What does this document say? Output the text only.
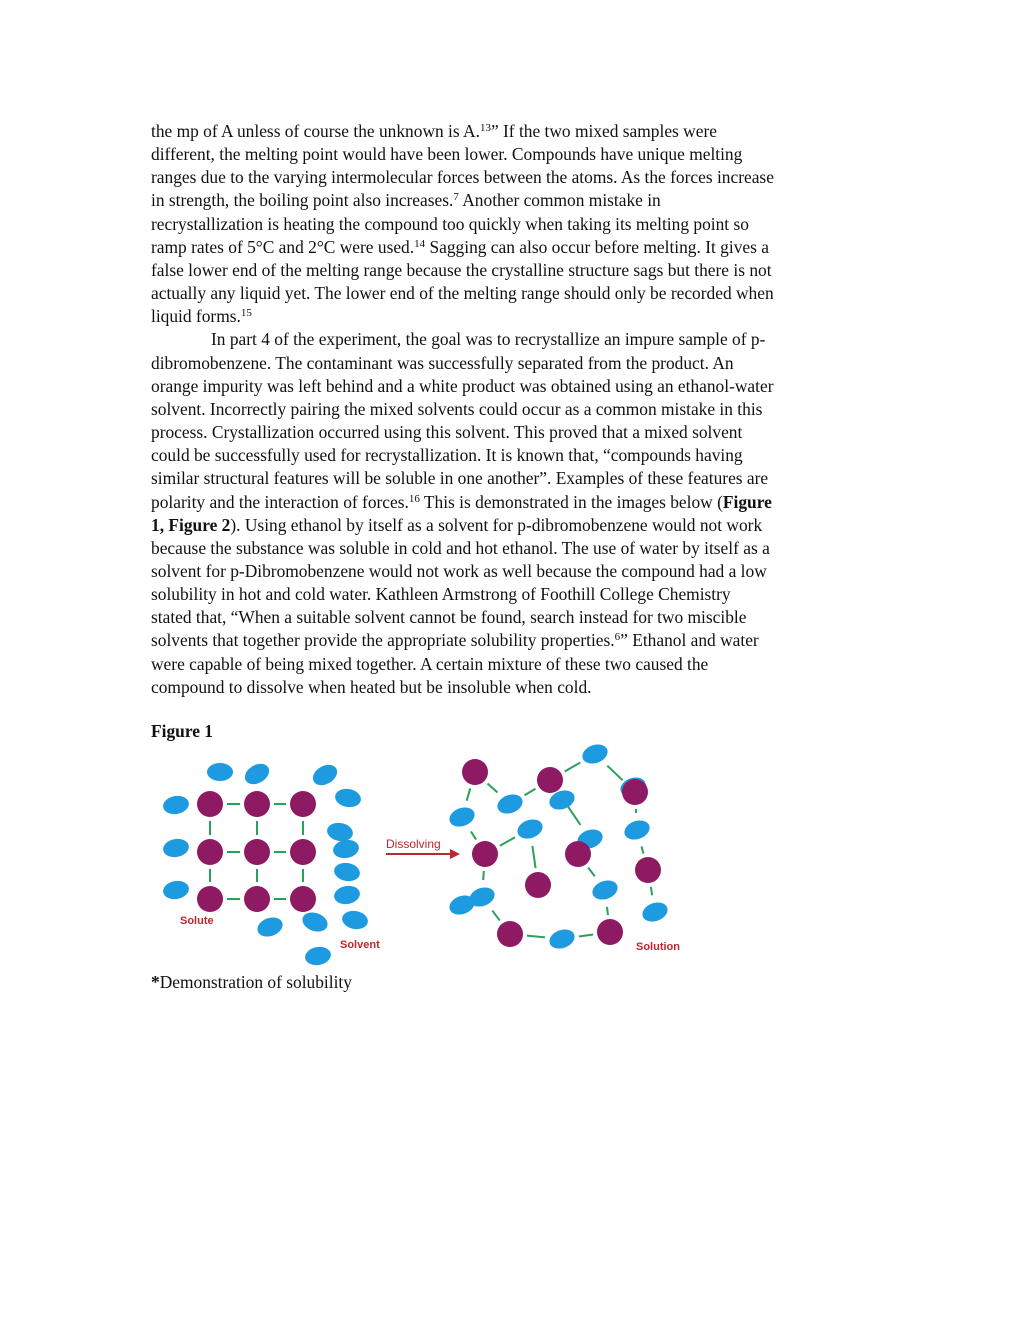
the mp of A unless of course the unknown is A.$^{13}$” If the two mixed samples were
different, the melting point would have been lower. Compounds have unique melting
ranges due to the varying intermolecular forces between the atoms. As the forces increase
in strength, the boiling point also increases.$^7$ Another common mistake in
recrystallization is heating the compound too quickly when taking its melting point so
ramp rates of 5°C and 2°C were used.$^{14}$ Sagging can also occur before melting. It gives a
false lower end of the melting range because the crystalline structure sags but there is not
actually any liquid yet. The lower end of the melting range should only be recorded when
liquid forms.$^{15}$

In part 4 of the experiment, the goal was to recrystallize an impure sample of p-
dibromobenzene. The contaminant was successfully separated from the product. An
orange impurity was left behind and a white product was obtained using an ethanol-water
solvent. Incorrectly pairing the mixed solvents could occur as a common mistake in this
process. Crystallization occurred using this solvent. This proved that a mixed solvent
could be successfully used for recrystallization. It is known that, “compounds having
similar structural features will be soluble in one another”. Examples of these features are
polarity and the interaction of forces.$^{16}$ This is demonstrated in the images below (Figure
1, Figure 2). Using ethanol by itself as a solvent for p-dibromobenzene would not work
because the substance was soluble in cold and hot ethanol. The use of water by itself as a
solvent for p-Dibromobenzene would not work as well because the compound had a low
solubility in hot and cold water. Kathleen Armstrong of Foothill College Chemistry
stated that, “When a suitable solvent cannot be found, search instead for two miscible
solvents that together provide the appropriate solubility properties.$^6$” Ethanol and water
were capable of being mixed together. A certain mixture of these two caused the
compound to dissolve when heated but be insoluble when cold.

Figure 1
Dissolving
Solute
Solvent	Solution
*Demonstration of solubility
